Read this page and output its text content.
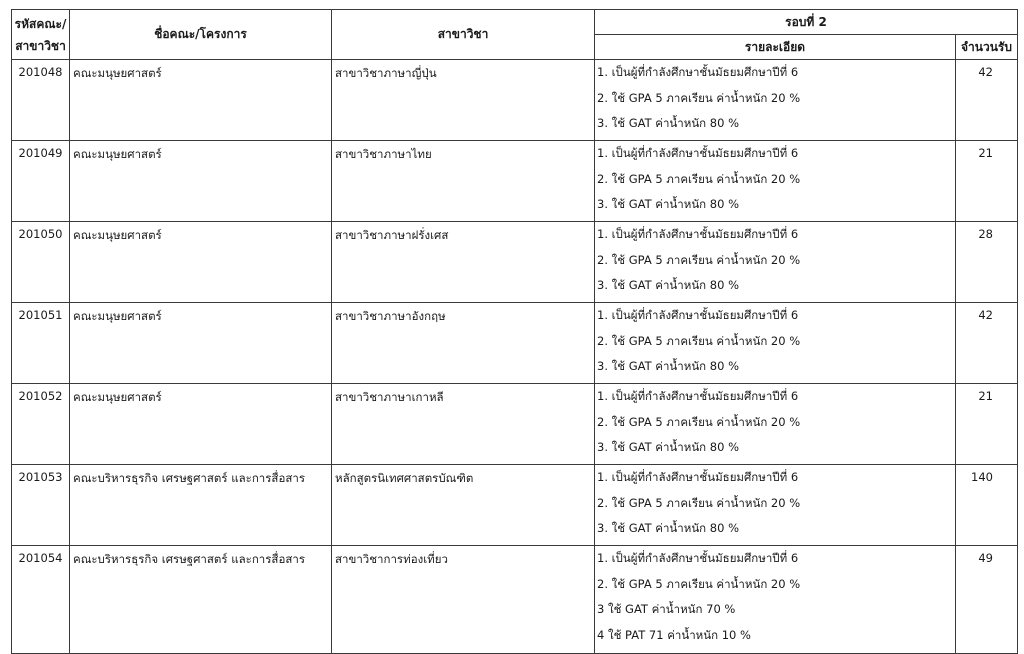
รหัสคณะ/
สาขาวิชา	ชื่อคณะ/โครงการ	สาขาวิชา	รอบที่ 2	
			รายละเอียด	จำนวนรับ
201048	คณะมนุษยศาสตร์	สาขาวิชาภาษาญี่ปุ่น	1. เป็นผู้ที่กำลังศึกษาชั้นมัธยมศึกษาปีที่ 6
2. ใช้ GPA 5 ภาคเรียน ค่าน้ำหนัก 20 %
3. ใช้ GAT ค่าน้ำหนัก 80 %	42
201049	คณะมนุษยศาสตร์	สาขาวิชาภาษาไทย	1. เป็นผู้ที่กำลังศึกษาชั้นมัธยมศึกษาปีที่ 6
2. ใช้ GPA 5 ภาคเรียน ค่าน้ำหนัก 20 %
3. ใช้ GAT ค่าน้ำหนัก 80 %	21
201050	คณะมนุษยศาสตร์	สาขาวิชาภาษาฝรั่งเศส	1. เป็นผู้ที่กำลังศึกษาชั้นมัธยมศึกษาปีที่ 6
2. ใช้ GPA 5 ภาคเรียน ค่าน้ำหนัก 20 %
3. ใช้ GAT ค่าน้ำหนัก 80 %	28
201051	คณะมนุษยศาสตร์	สาขาวิชาภาษาอังกฤษ	1. เป็นผู้ที่กำลังศึกษาชั้นมัธยมศึกษาปีที่ 6
2. ใช้ GPA 5 ภาคเรียน ค่าน้ำหนัก 20 %
3. ใช้ GAT ค่าน้ำหนัก 80 %	42
201052	คณะมนุษยศาสตร์	สาขาวิชาภาษาเกาหลี	1. เป็นผู้ที่กำลังศึกษาชั้นมัธยมศึกษาปีที่ 6
2. ใช้ GPA 5 ภาคเรียน ค่าน้ำหนัก 20 %
3. ใช้ GAT ค่าน้ำหนัก 80 %	21
201053	คณะบริหารธุรกิจ เศรษฐศาสตร์ และการสื่อสาร	หลักสูตรนิเทศศาสตรบัณฑิต	1. เป็นผู้ที่กำลังศึกษาชั้นมัธยมศึกษาปีที่ 6
2. ใช้ GPA 5 ภาคเรียน ค่าน้ำหนัก 20 %
3. ใช้ GAT ค่าน้ำหนัก 80 %	140
201054	คณะบริหารธุรกิจ เศรษฐศาสตร์ และการสื่อสาร	สาขาวิชาการท่องเที่ยว	1. เป็นผู้ที่กำลังศึกษาชั้นมัธยมศึกษาปีที่ 6
2. ใช้ GPA 5 ภาคเรียน ค่าน้ำหนัก 20 %
3 ใช้ GAT ค่าน้ำหนัก 70 %
4 ใช้ PAT 71 ค่าน้ำหนัก 10 %	49
